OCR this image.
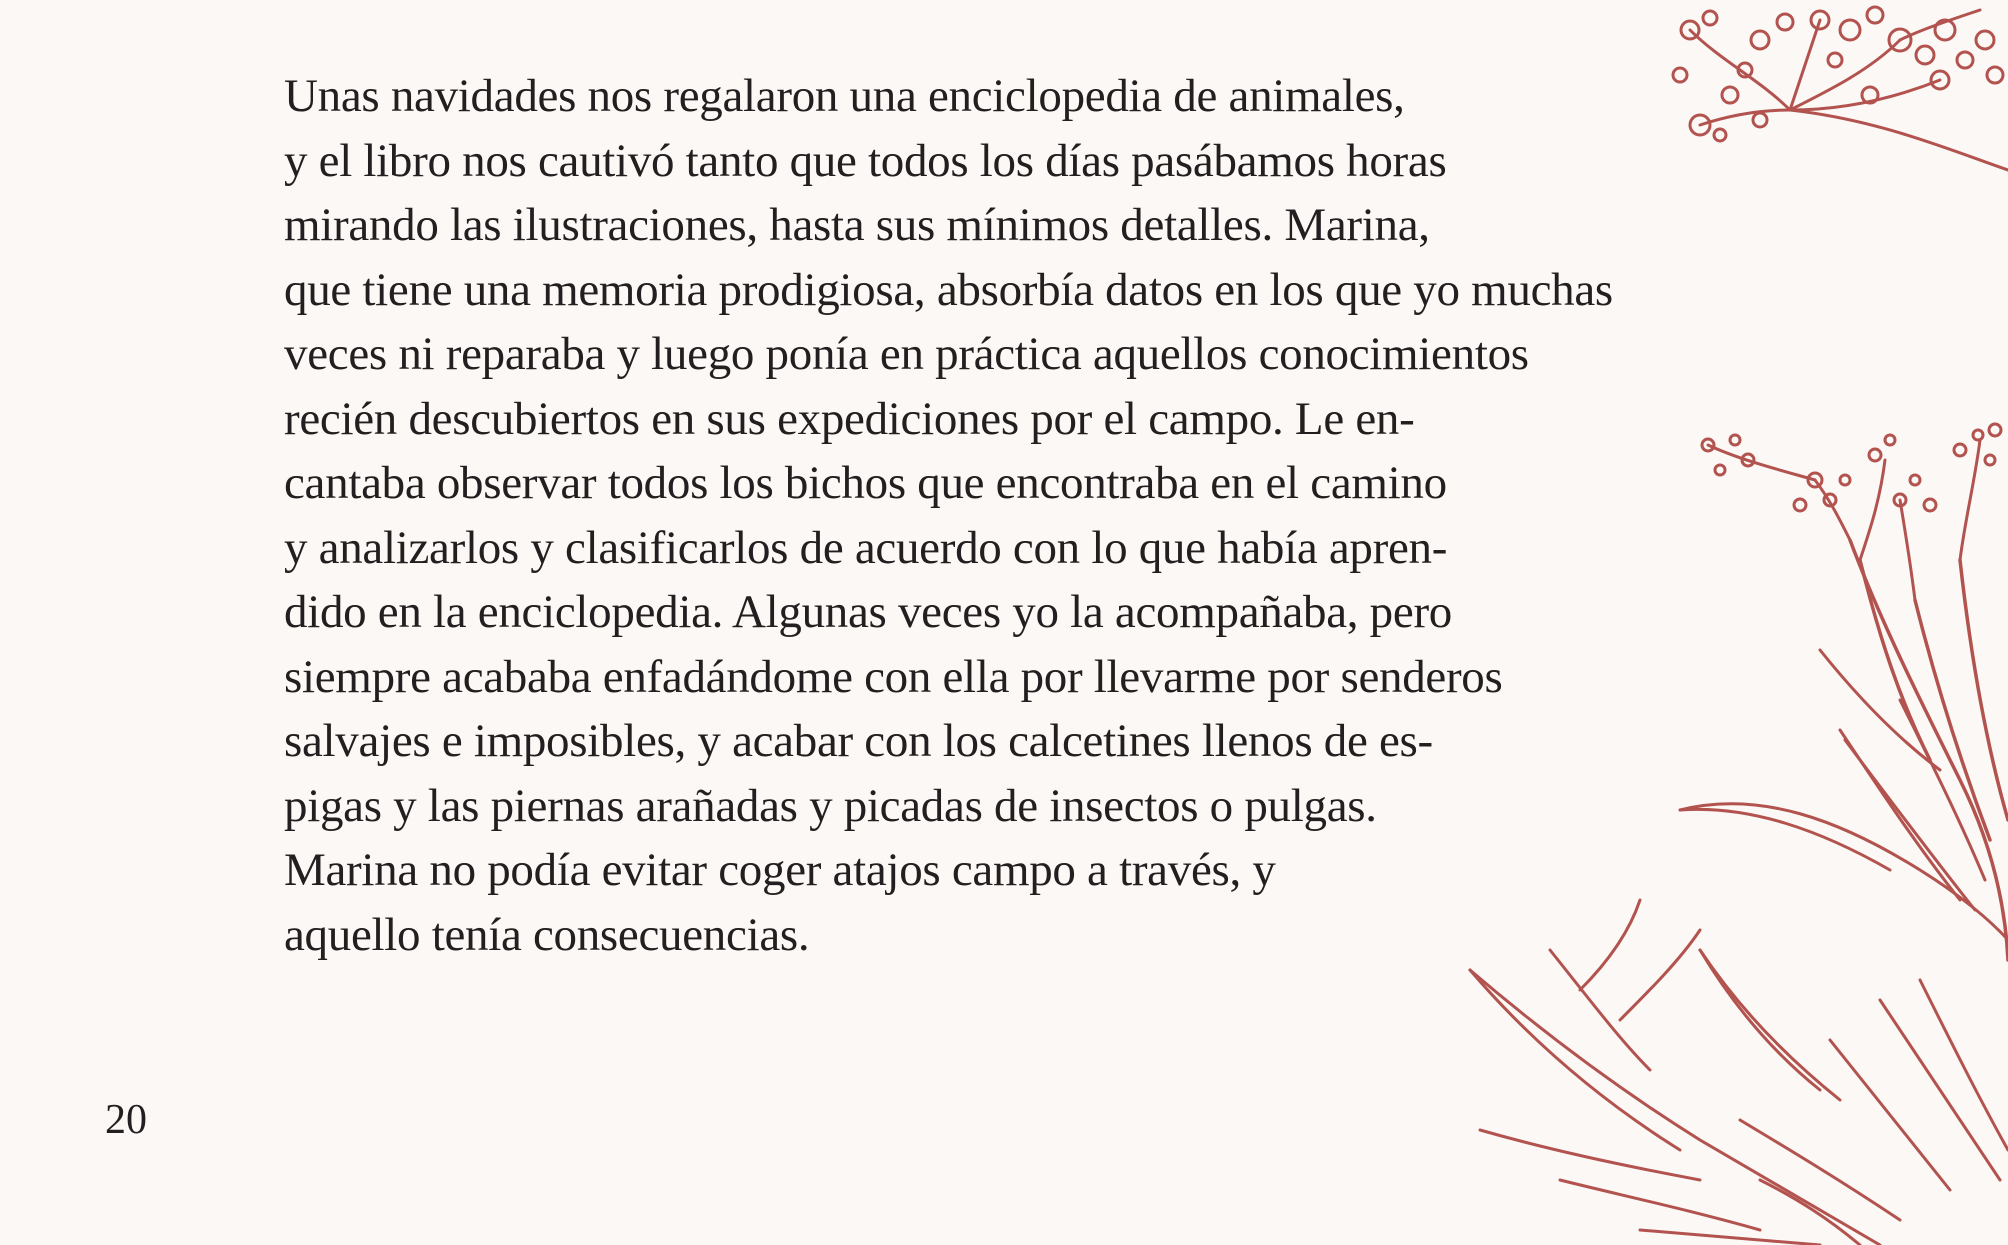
Unas navidades nos regalaron una enciclopedia de animales,
y el libro nos cautivó tanto que todos los días pasábamos horas
mirando las ilustraciones, hasta sus mínimos detalles. Marina,
que tiene una memoria prodigiosa, absorbía datos en los que yo muchas
veces ni reparaba y luego ponía en práctica aquellos conocimientos
recién descubiertos en sus expediciones por el campo. Le en-
cantaba observar todos los bichos que encontraba en el camino
y analizarlos y clasificarlos de acuerdo con lo que había apren-
dido en la enciclopedia. Algunas veces yo la acompañaba, pero
siempre acababa enfadándome con ella por llevarme por senderos
salvajes e imposibles, y acabar con los calcetines llenos de es-
pigas y las piernas arañadas y picadas de insectos o pulgas.
Marina no podía evitar coger atajos campo a través, y
aquello tenía consecuencias.
20
